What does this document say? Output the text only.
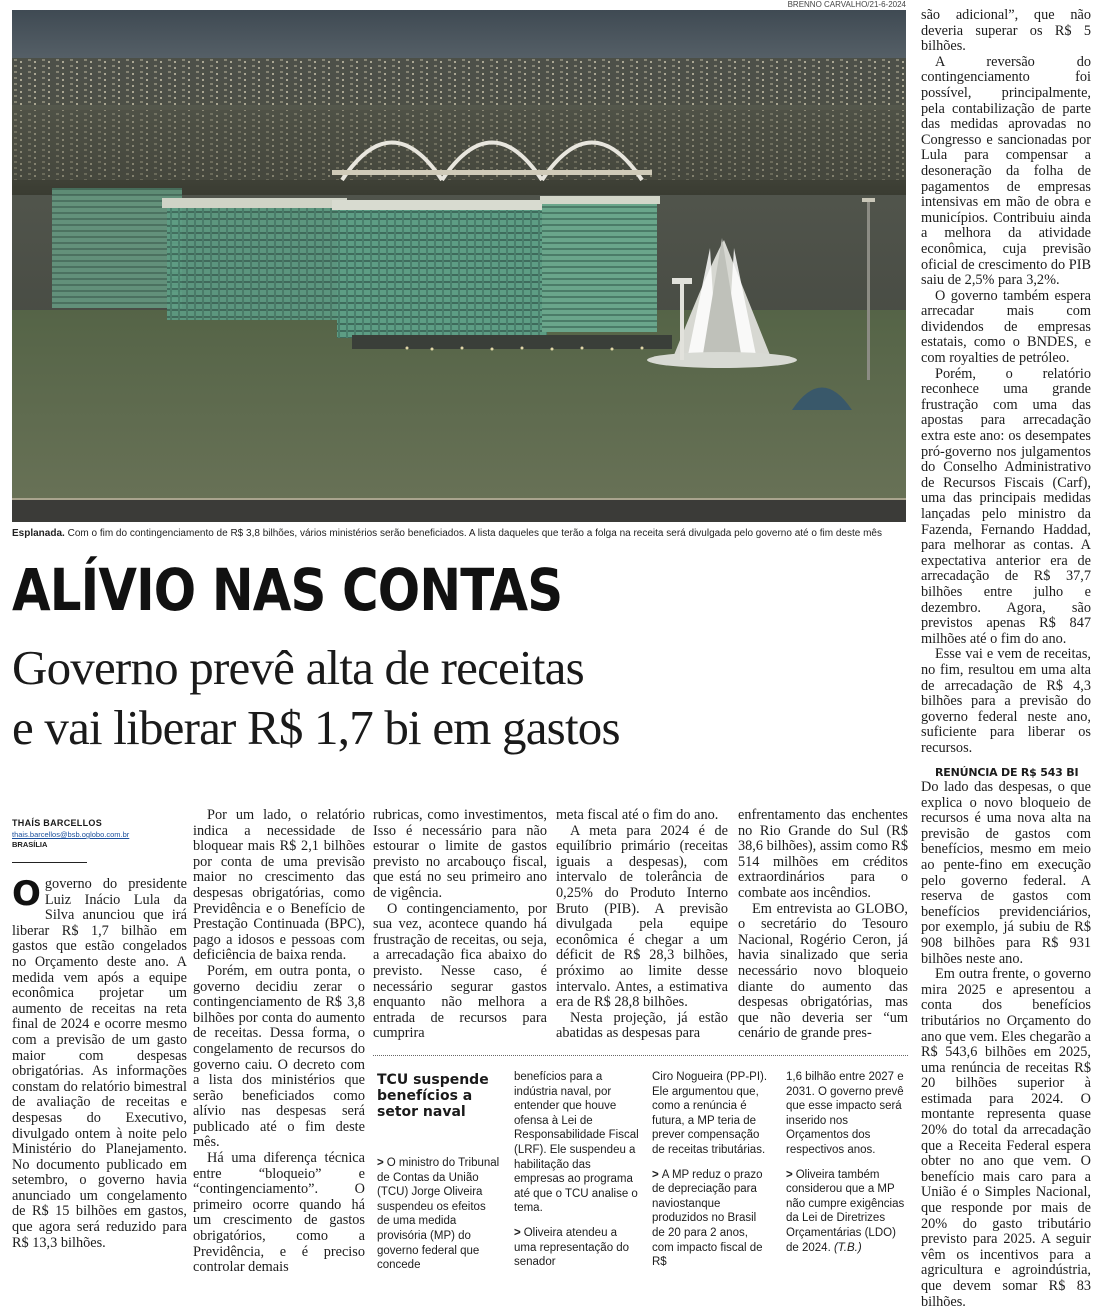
BRENNO CARVALHO/21-6-2024
Esplanada. Com o fim do contingenciamento de R$ 3,8 bilhões, vários ministérios serão beneficiados. A lista daqueles que terão a folga na receita será divulgada pelo governo até o fim deste mês
ALÍVIO NAS CONTAS
Governo prevê alta de receitas
e vai liberar R$ 1,7 bi em gastos
THAÍS BARCELLOS
thais.barcellos@bsb.oglobo.com.br
BRASÍLIA

Ogoverno do presidente Luiz Inácio Lula da Silva anunciou que irá liberar R$ 1,7 bilhão em gastos que estão congelados no Orçamento deste ano. A medida vem após a equipe econômica projetar um aumento de receitas na reta final de 2024 e ocorre mesmo com a previsão de um gasto maior com despesas obrigatórias. As informações constam do relatório bimestral de avaliação de receitas e despesas do Executivo, divulgado ontem à noite pelo Ministério do Planejamento. No documento publicado em setembro, o governo havia anunciado um congelamento de R$ 15 bilhões em gastos, que agora será reduzido para R$ 13,3 bilhões.

Por um lado, o relatório indica a necessidade de bloquear mais R$ 2,1 bilhões por conta de uma previsão maior no crescimento das despesas obrigatórias, como Previdência e o Benefício de Prestação Continuada (BPC), pago a idosos e pessoas com deficiência de baixa renda.

Porém, em outra ponta, o governo decidiu zerar o contingenciamento de R$ 3,8 bilhões por conta do aumento de receitas. Dessa forma, o congelamento de recursos do governo caiu. O decreto com a lista dos ministérios que serão beneficiados como alívio nas despesas será publicado até o fim deste mês.

Há uma diferença técnica entre “bloqueio” e “contingenciamento”. O primeiro ocorre quando há um crescimento de gastos obrigatórios, como a Previdência, e é preciso controlar demais

rubricas, como investimentos, Isso é necessário para não estourar o limite de gastos previsto no arcabouço fiscal, que está no seu primeiro ano de vigência.

O contingenciamento, por sua vez, acontece quando há frustração de receitas, ou seja, a arrecadação fica abaixo do previsto. Nesse caso, é necessário segurar gastos enquanto não melhora a entrada de recursos para cumprira

meta fiscal até o fim do ano.

A meta para 2024 é de equilíbrio primário (receitas iguais a despesas), com intervalo de tolerância de 0,25% do Produto Interno Bruto (PIB). A previsão divulgada pela equipe econômica é chegar a um déficit de R$ 28,3 bilhões, próximo ao limite desse intervalo. Antes, a estimativa era de R$ 28,8 bilhões.

Nesta projeção, já estão abatidas as despesas para

enfrentamento das enchentes no Rio Grande do Sul (R$ 38,6 bilhões), assim como R$ 514 milhões em créditos extraordinários para o combate aos incêndios.

Em entrevista ao GLOBO, o secretário do Tesouro Nacional, Rogério Ceron, já havia sinalizado que seria necessário novo bloqueio diante do aumento das despesas obrigatórias, mas que não deveria ser “um cenário de grande pres-

são adicional”, que não deveria superar os R$ 5 bilhões.

A reversão do contingenciamento foi possível, principalmente, pela contabilização de parte das medidas aprovadas no Congresso e sancionadas por Lula para compensar a desoneração da folha de pagamentos de empresas intensivas em mão de obra e municípios. Contribuiu ainda a melhora da atividade econômica, cuja previsão oficial de crescimento do PIB saiu de 2,5% para 3,2%.

O governo também espera arrecadar mais com dividendos de empresas estatais, como o BNDES, e com royalties de petróleo.

Porém, o relatório reconhece uma grande frustração com uma das apostas para arrecadação extra este ano: os desempates pró-governo nos julgamentos do Conselho Administrativo de Recursos Fiscais (Carf), uma das principais medidas lançadas pelo ministro da Fazenda, Fernando Haddad, para melhorar as contas. A expectativa anterior era de arrecadação de R$ 37,7 bilhões entre julho e dezembro. Agora, são previstos apenas R$ 847 milhões até o fim do ano.

Esse vai e vem de receitas, no fim, resultou em uma alta de arrecadação de R$ 4,3 bilhões para a previsão do governo federal neste ano, suficiente para liberar os recursos.

RENÚNCIA DE R$ 543 BI

Do lado das despesas, o que explica o novo bloqueio de recursos é uma nova alta na previsão de gastos com benefícios, mesmo em meio ao pente-fino em execução pelo governo federal. A reserva de gastos com benefícios previdenciários, por exemplo, já subiu de R$ 908 bilhões para R$ 931 bilhões neste ano.

Em outra frente, o governo mira 2025 e apresentou a conta dos benefícios tributários no Orçamento do ano que vem. Eles chegarão a R$ 543,6 bilhões em 2025, uma renúncia de receitas R$ 20 bilhões superior à estimada para 2024. O montante representa quase 20% do total da arrecadação que a Receita Federal espera obter no ano que vem. O benefício mais caro para a União é o Simples Nacional, que responde por mais de 20% do gasto tributário previsto para 2025. A seguir vêm os incentivos para a agricultura e agroindústria, que devem somar R$ 83 bilhões.

TCU suspende benefícios a setor naval

> O ministro do Tribunal de Contas da União (TCU) Jorge Oliveira suspendeu os efeitos de uma medida provisória (MP) do governo federal que concede

benefícios para a indústria naval, por entender que houve ofensa à Lei de Responsabilidade Fiscal (LRF). Ele suspendeu a habilitação das empresas ao programa até que o TCU analise o tema.

> Oliveira atendeu a uma representação do senador

Ciro Nogueira (PP-PI). Ele argumentou que, como a renúncia é futura, a MP teria de prever compensação de receitas tributárias.

> A MP reduz o prazo de depreciação para naviostanque produzidos no Brasil de 20 para 2 anos, com impacto fiscal de R$

1,6 bilhão entre 2027 e 2031. O governo prevê que esse impacto será inserido nos Orçamentos dos respectivos anos.

> Oliveira também considerou que a MP não cumpre exigências da Lei de Diretrizes Orçamentárias (LDO) de 2024. (T.B.)
